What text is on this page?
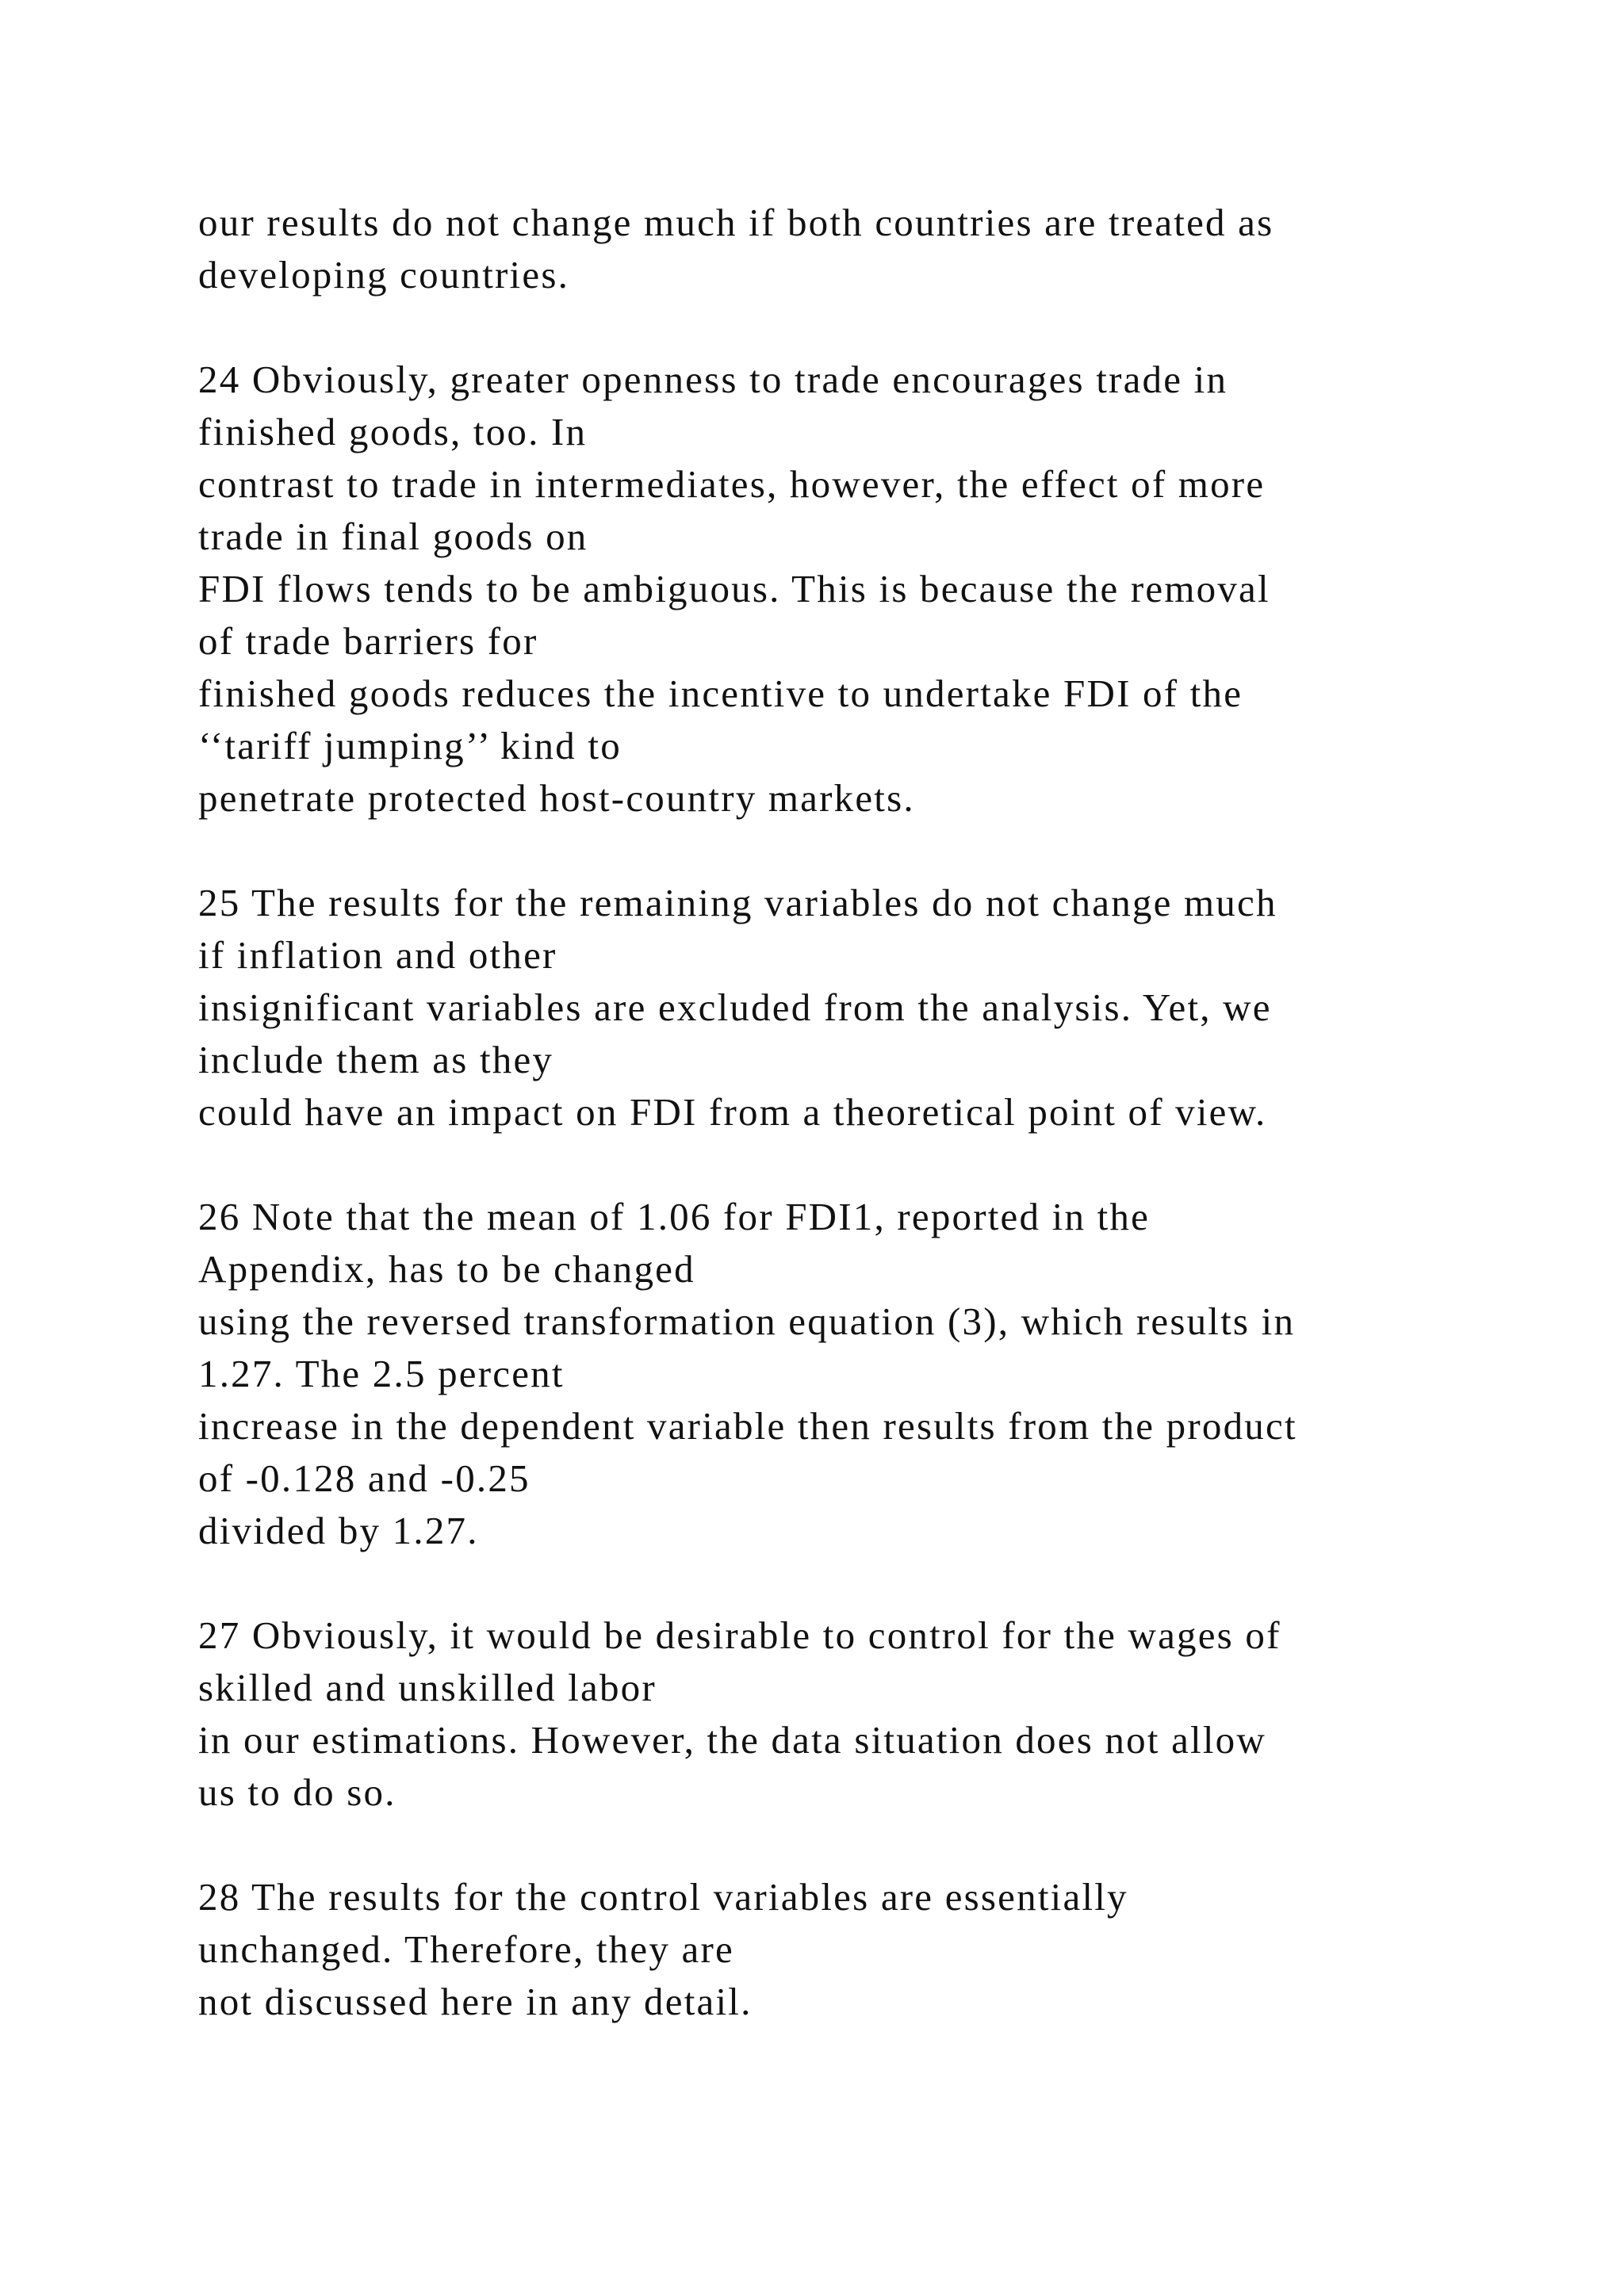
our results do not change much if both countries are treated as
developing countries.

24 Obviously, greater openness to trade encourages trade in
finished goods, too. In
contrast to trade in intermediates, however, the effect of more
trade in final goods on
FDI flows tends to be ambiguous. This is because the removal
of trade barriers for
finished goods reduces the incentive to undertake FDI of the
‘‘tariff jumping’’ kind to
penetrate protected host-country markets.

25 The results for the remaining variables do not change much
if inflation and other
insignificant variables are excluded from the analysis. Yet, we
include them as they
could have an impact on FDI from a theoretical point of view.

26 Note that the mean of 1.06 for FDI1, reported in the
Appendix, has to be changed
using the reversed transformation equation (3), which results in
1.27. The 2.5 percent
increase in the dependent variable then results from the product
of -0.128 and -0.25
divided by 1.27.

27 Obviously, it would be desirable to control for the wages of
skilled and unskilled labor
in our estimations. However, the data situation does not allow
us to do so.

28 The results for the control variables are essentially
unchanged. Therefore, they are
not discussed here in any detail.
